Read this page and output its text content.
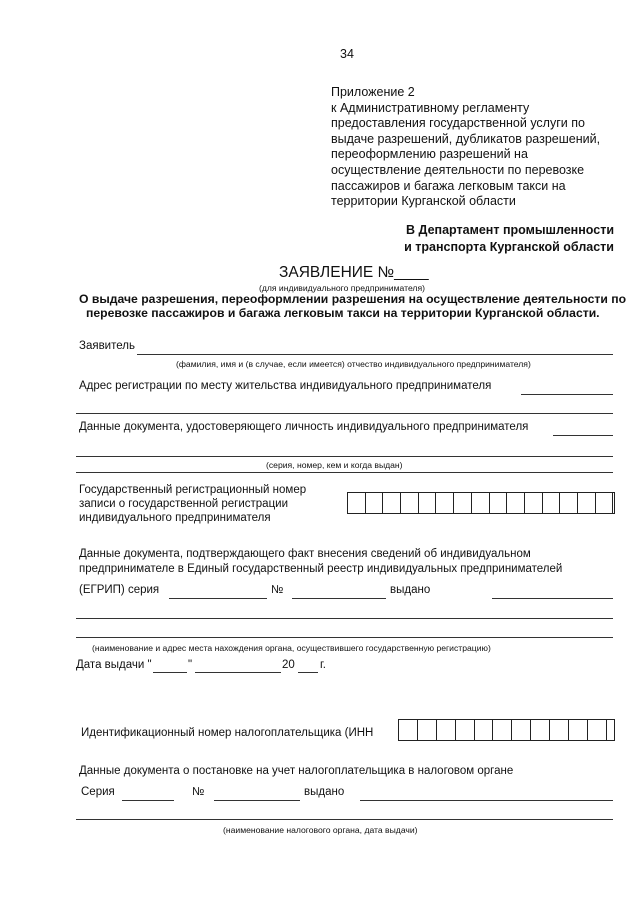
34
Приложение 2
к Административному регламенту
предоставления государственной услуги по
выдаче разрешений, дубликатов разрешений,
переоформлению разрешений на
осуществление деятельности по перевозке
пассажиров и багажа легковым такси на
территории Курганской области
В Департамент промышленности
и транспорта Курганской области
ЗАЯВЛЕНИЕ №____
(для индивидуального предпринимателя)
О выдаче разрешения, переоформлении разрешения на осуществление деятельности по
перевозке пассажиров и багажа легковым такси на территории Курганской области.
Заявитель
(фамилия, имя и (в случае, если имеется) отчество индивидуального предпринимателя)
Адрес регистрации по месту жительства индивидуального предпринимателя
Данные документа, удостоверяющего личность индивидуального предпринимателя
(серия, номер, кем и когда выдан)
Государственный регистрационный номер
записи о государственной регистрации
индивидуального предпринимателя
Данные документа, подтверждающего факт внесения сведений об индивидуальном
предпринимателе в Единый государственный реестр индивидуальных предпринимателей
(ЕГРИП) серия	№	выдано
(наименование и адрес места нахождения органа, осуществившего государственную регистрацию)
Дата выдачи "	"	20 г.
Идентификационный номер налогоплательщика (ИНН
Данные документа о постановке на учет налогоплательщика в налоговом органе
Серия	№	выдано
(наименование налогового органа, дата выдачи)
